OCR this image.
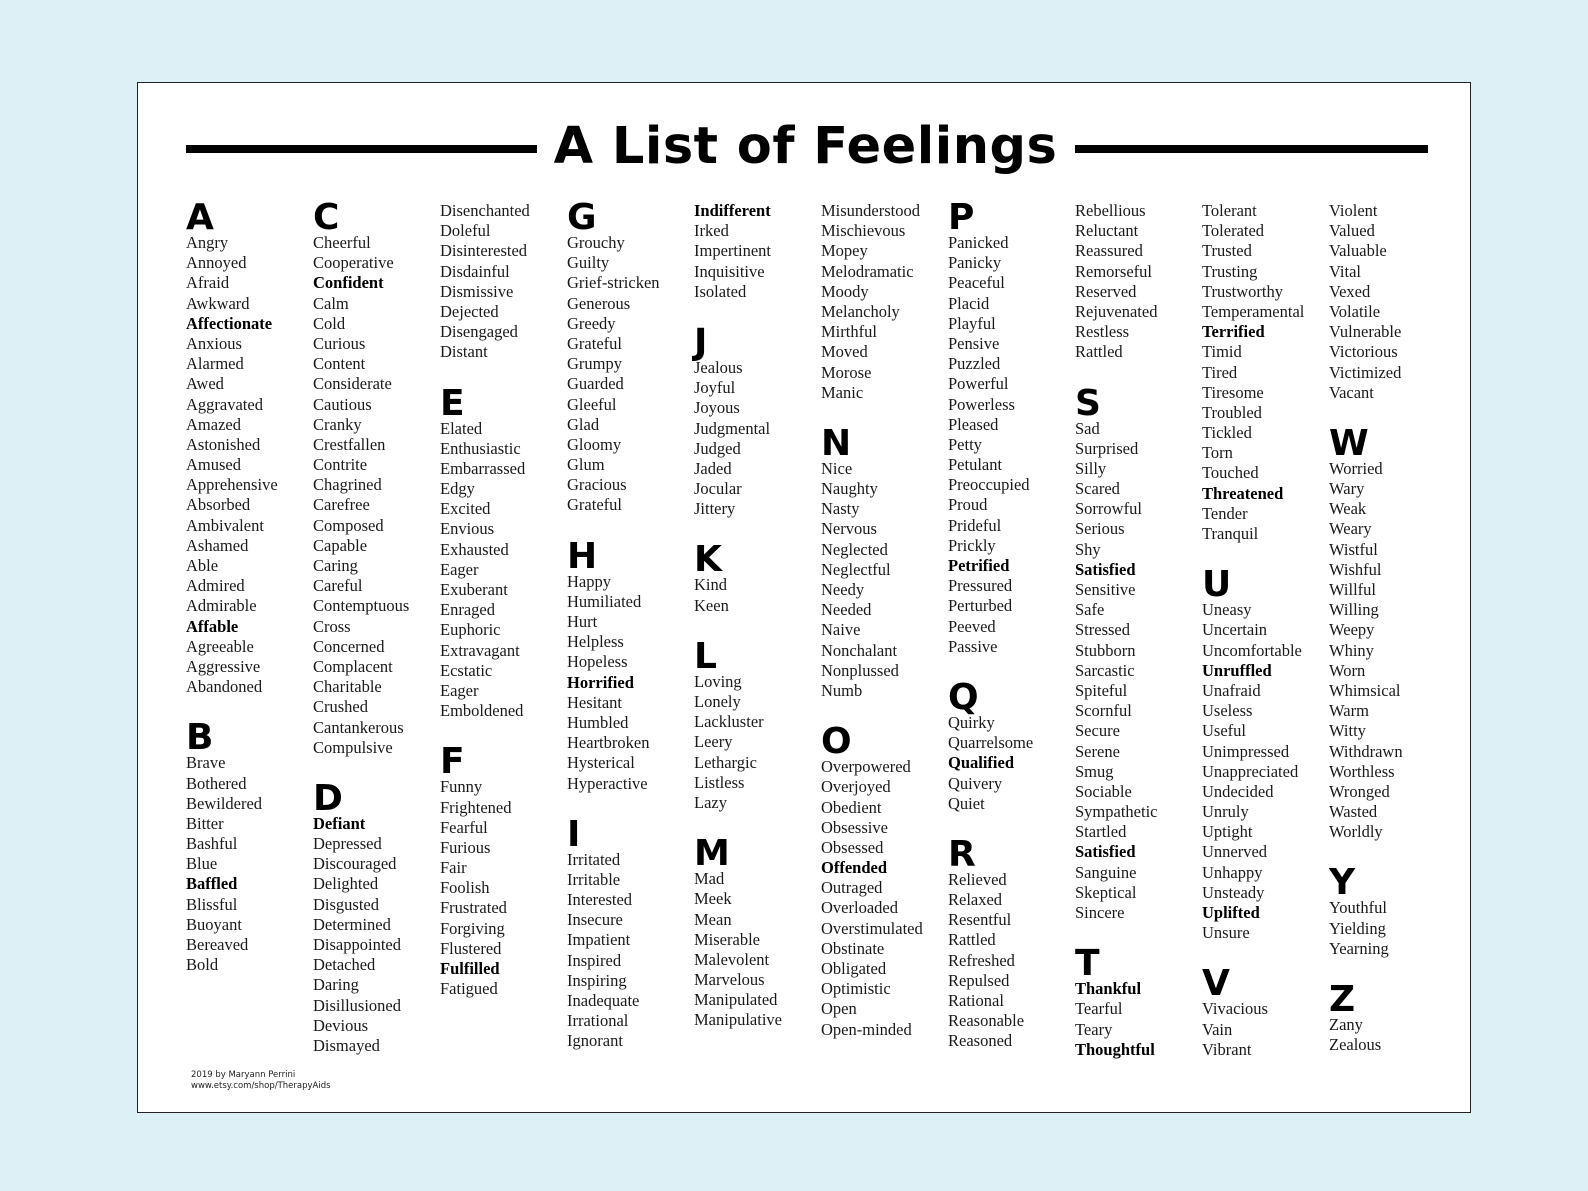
A List of Feelings
A
Angry
Annoyed
Afraid
Awkward
Affectionate
Anxious
Alarmed
Awed
Aggravated
Amazed
Astonished
Amused
Apprehensive
Absorbed
Ambivalent
Ashamed
Able
Admired
Admirable
Affable
Agreeable
Aggressive
Abandoned
B
Brave
Bothered
Bewildered
Bitter
Bashful
Blue
Baffled
Blissful
Buoyant
Bereaved
Bold
C
Cheerful
Cooperative
Confident
Calm
Cold
Curious
Content
Considerate
Cautious
Cranky
Crestfallen
Contrite
Chagrined
Carefree
Composed
Capable
Caring
Careful
Contemptuous
Cross
Concerned
Complacent
Charitable
Crushed
Cantankerous
Compulsive
D
Defiant
Depressed
Discouraged
Delighted
Disgusted
Determined
Disappointed
Detached
Daring
Disillusioned
Devious
Dismayed
Disenchanted
Doleful
Disinterested
Disdainful
Dismissive
Dejected
Disengaged
Distant
E
Elated
Enthusiastic
Embarrassed
Edgy
Excited
Envious
Exhausted
Eager
Exuberant
Enraged
Euphoric
Extravagant
Ecstatic
Eager
Emboldened
F
Funny
Frightened
Fearful
Furious
Fair
Foolish
Frustrated
Forgiving
Flustered
Fulfilled
Fatigued
G
Grouchy
Guilty
Grief-stricken
Generous
Greedy
Grateful
Grumpy
Guarded
Gleeful
Glad
Gloomy
Glum
Gracious
Grateful
H
Happy
Humiliated
Hurt
Helpless
Hopeless
Horrified
Hesitant
Humbled
Heartbroken
Hysterical
Hyperactive
I
Irritated
Irritable
Interested
Insecure
Impatient
Inspired
Inspiring
Inadequate
Irrational
Ignorant
Indifferent
Irked
Impertinent
Inquisitive
Isolated
J
Jealous
Joyful
Joyous
Judgmental
Judged
Jaded
Jocular
Jittery
K
Kind
Keen
L
Loving
Lonely
Lackluster
Leery
Lethargic
Listless
Lazy
M
Mad
Meek
Mean
Miserable
Malevolent
Marvelous
Manipulated
Manipulative
Misunderstood
Mischievous
Mopey
Melodramatic
Moody
Melancholy
Mirthful
Moved
Morose
Manic
N
Nice
Naughty
Nasty
Nervous
Neglected
Neglectful
Needy
Needed
Naive
Nonchalant
Nonplussed
Numb
O
Overpowered
Overjoyed
Obedient
Obsessive
Obsessed
Offended
Outraged
Overloaded
Overstimulated
Obstinate
Obligated
Optimistic
Open
Open-minded
P
Panicked
Panicky
Peaceful
Placid
Playful
Pensive
Puzzled
Powerful
Powerless
Pleased
Petty
Petulant
Preoccupied
Proud
Prideful
Prickly
Petrified
Pressured
Perturbed
Peeved
Passive
Q
Quirky
Quarrelsome
Qualified
Quivery
Quiet
R
Relieved
Relaxed
Resentful
Rattled
Refreshed
Repulsed
Rational
Reasonable
Reasoned
Rebellious
Reluctant
Reassured
Remorseful
Reserved
Rejuvenated
Restless
Rattled
S
Sad
Surprised
Silly
Scared
Sorrowful
Serious
Shy
Satisfied
Sensitive
Safe
Stressed
Stubborn
Sarcastic
Spiteful
Scornful
Secure
Serene
Smug
Sociable
Sympathetic
Startled
Satisfied
Sanguine
Skeptical
Sincere
T
Thankful
Tearful
Teary
Thoughtful
Tolerant
Tolerated
Trusted
Trusting
Trustworthy
Temperamental
Terrified
Timid
Tired
Tiresome
Troubled
Tickled
Torn
Touched
Threatened
Tender
Tranquil
U
Uneasy
Uncertain
Uncomfortable
Unruffled
Unafraid
Useless
Useful
Unimpressed
Unappreciated
Undecided
Unruly
Uptight
Unnerved
Unhappy
Unsteady
Uplifted
Unsure
V
Vivacious
Vain
Vibrant
Violent
Valued
Valuable
Vital
Vexed
Volatile
Vulnerable
Victorious
Victimized
Vacant
W
Worried
Wary
Weak
Weary
Wistful
Wishful
Willful
Willing
Weepy
Whiny
Worn
Whimsical
Warm
Witty
Withdrawn
Worthless
Wronged
Wasted
Worldly
Y
Youthful
Yielding
Yearning
Z
Zany
Zealous
2019 by Maryann Perrini
www.etsy.com/shop/TherapyAids
